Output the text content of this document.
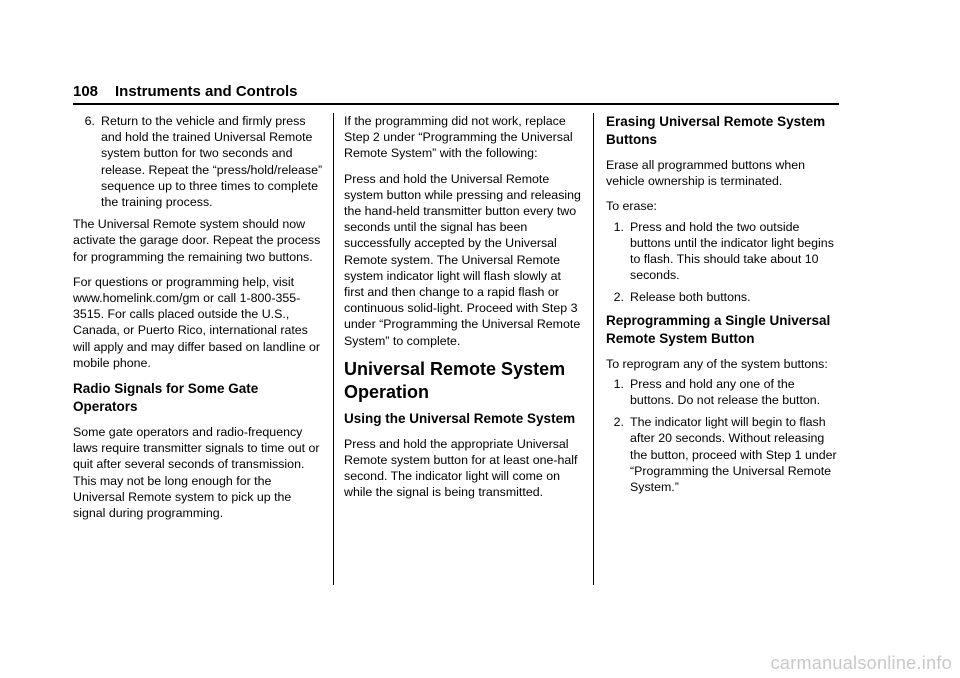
108 Instruments and Controls
6. Return to the vehicle and firmly press and hold the trained Universal Remote system button for two seconds and release. Repeat the “press/hold/release” sequence up to three times to complete the training process.

The Universal Remote system should now activate the garage door. Repeat the process for programming the remaining two buttons.

For questions or programming help, visit www.homelink.com/gm or call 1-800-355-3515. For calls placed outside the U.S., Canada, or Puerto Rico, international rates will apply and may differ based on landline or mobile phone.

Radio Signals for Some Gate Operators

Some gate operators and radio-frequency laws require transmitter signals to time out or quit after several seconds of transmission. This may not be long enough for the Universal Remote system to pick up the signal during programming.

If the programming did not work, replace Step 2 under “Programming the Universal Remote System” with the following:

Press and hold the Universal Remote system button while pressing and releasing the hand-held transmitter button every two seconds until the signal has been successfully accepted by the Universal Remote system. The Universal Remote system indicator light will flash slowly at first and then change to a rapid flash or continuous solid-light. Proceed with Step 3 under “Programming the Universal Remote System” to complete.

Universal Remote System Operation
Using the Universal Remote System

Press and hold the appropriate Universal Remote system button for at least one-half second. The indicator light will come on while the signal is being transmitted.

Erasing Universal Remote System Buttons

Erase all programmed buttons when vehicle ownership is terminated.

To erase:

1. Press and hold the two outside buttons until the indicator light begins to flash. This should take about 10 seconds.
2. Release both buttons.
Reprogramming a Single Universal Remote System Button

To reprogram any of the system buttons:

1. Press and hold any one of the buttons. Do not release the button.
2. The indicator light will begin to flash after 20 seconds. Without releasing the button, proceed with Step 1 under “Programming the Universal Remote System.”
carmanualsonline.info
